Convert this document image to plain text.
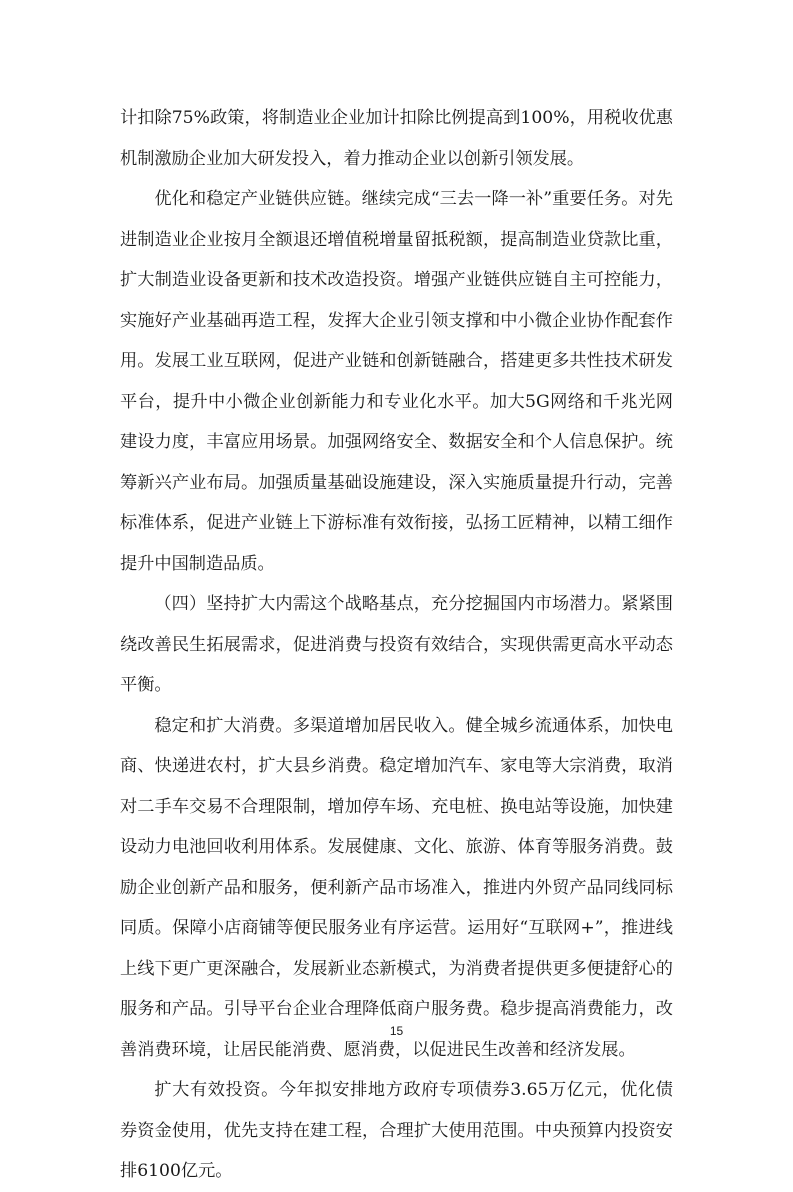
计扣除75%政策，将制造业企业加计扣除比例提高到100%，用税收优惠机制激励企业加大研发投入，着力推动企业以创新引领发展。

优化和稳定产业链供应链。继续完成“三去一降一补”重要任务。对先进制造业企业按月全额退还增值税增量留抵税额，提高制造业贷款比重，扩大制造业设备更新和技术改造投资。增强产业链供应链自主可控能力，实施好产业基础再造工程，发挥大企业引领支撑和中小微企业协作配套作用。发展工业互联网，促进产业链和创新链融合，搭建更多共性技术研发平台，提升中小微企业创新能力和专业化水平。加大5G网络和千兆光网建设力度，丰富应用场景。加强网络安全、数据安全和个人信息保护。统筹新兴产业布局。加强质量基础设施建设，深入实施质量提升行动，完善标准体系，促进产业链上下游标准有效衔接，弘扬工匠精神，以精工细作提升中国制造品质。

（四）坚持扩大内需这个战略基点，充分挖掘国内市场潜力。紧紧围绕改善民生拓展需求，促进消费与投资有效结合，实现供需更高水平动态平衡。

稳定和扩大消费。多渠道增加居民收入。健全城乡流通体系，加快电商、快递进农村，扩大县乡消费。稳定增加汽车、家电等大宗消费，取消对二手车交易不合理限制，增加停车场、充电桩、换电站等设施，加快建设动力电池回收利用体系。发展健康、文化、旅游、体育等服务消费。鼓励企业创新产品和服务，便利新产品市场准入，推进内外贸产品同线同标同质。保障小店商铺等便民服务业有序运营。运用好“互联网+”，推进线上线下更广更深融合，发展新业态新模式，为消费者提供更多便捷舒心的服务和产品。引导平台企业合理降低商户服务费。稳步提高消费能力，改善消费环境，让居民能消费、愿消费，以促进民生改善和经济发展。

扩大有效投资。今年拟安排地方政府专项债券3.65万亿元，优化债券资金使用，优先支持在建工程，合理扩大使用范围。中央预算内投资安排6100亿元。

15
